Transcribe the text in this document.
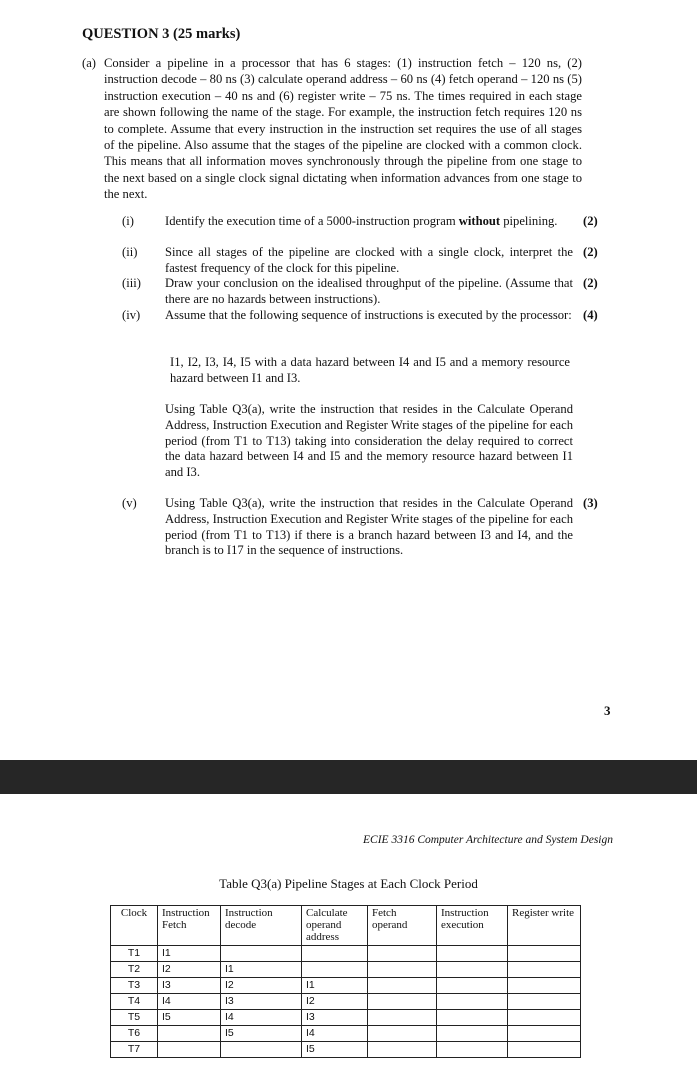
QUESTION 3 (25 marks)
(a) Consider a pipeline in a processor that has 6 stages: (1) instruction fetch – 120 ns, (2) instruction decode – 80 ns (3) calculate operand address – 60 ns (4) fetch operand – 120 ns (5) instruction execution – 40 ns and (6) register write – 75 ns. The times required in each stage are shown following the name of the stage. For example, the instruction fetch requires 120 ns to complete. Assume that every instruction in the instruction set requires the use of all stages of the pipeline. Also assume that the stages of the pipeline are clocked with a common clock. This means that all information moves synchronously through the pipeline from one stage to the next based on a single clock signal dictating when information advances from one stage to the next.
(i)	Identify the execution time of a 5000-instruction program without pipelining.	(2)
(ii)	Since all stages of the pipeline are clocked with a single clock, interpret the fastest frequency of the clock for this pipeline.
(2)
(iii)	Draw your conclusion on the idealised throughput of the pipeline. (Assume that there are no hazards between instructions).
(2)
(iv)	Assume that the following sequence of instructions is executed by the processor: (4)
I1, I2, I3, I4, I5 with a data hazard between I4 and I5 and a memory resource hazard between I1 and I3.
Using Table Q3(a), write the instruction that resides in the Calculate Operand Address, Instruction Execution and Register Write stages of the pipeline for each period (from T1 to T13) taking into consideration the delay required to correct the data hazard between I4 and I5 and the memory resource hazard between I1 and I3.
(v)	Using Table Q3(a), write the instruction that resides in the Calculate Operand Address, Instruction Execution and Register Write stages of the pipeline for each period (from T1 to T13) if there is a branch hazard between I3 and I4, and the branch is to I17 in the sequence of instructions.
(3)
3
ECIE 3316 Computer Architecture and System Design
Table Q3(a) Pipeline Stages at Each Clock Period
Clock	Instruction Fetch	Instruction decode	Calculate operand address	Fetch operand	Instruction execution	Register write
T1	I1					
T2	I2	I1				
T3	I3	I2	I1			
T4	I4	I3	I2			
T5	I5	I4	I3			
T6		I5	I4			
T7			I5			
